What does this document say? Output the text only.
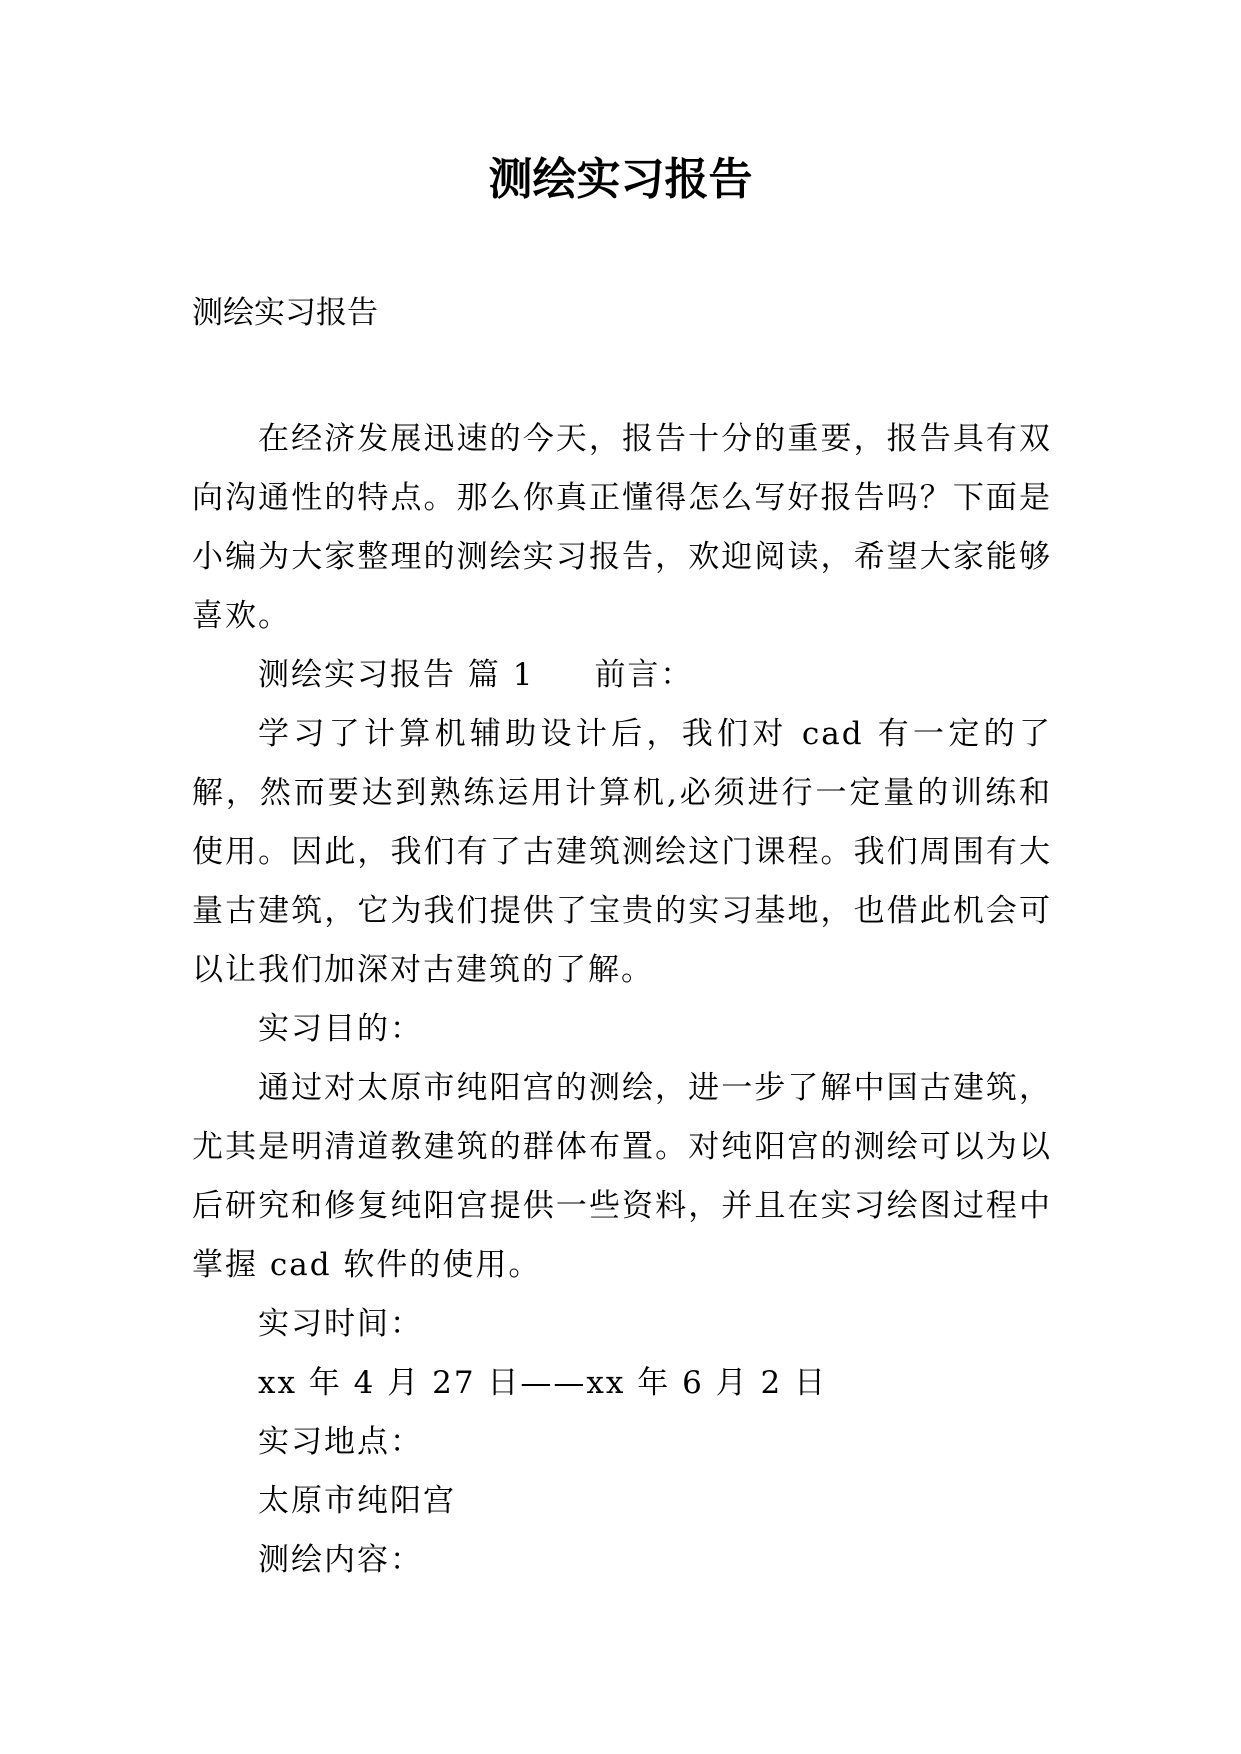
测绘实习报告
测绘实习报告

在经济发展迅速的今天，报告十分的重要，报告具有双向沟通性的特点。那么你真正懂得怎么写好报告吗？下面是小编为大家整理的测绘实习报告，欢迎阅读，希望大家能够喜欢。

测绘实习报告 篇 1 前言：

学习了计算机辅助设计后，我们对 cad 有一定的了解，然而要达到熟练运用计算机,必须进行一定量的训练和使用。因此，我们有了古建筑测绘这门课程。我们周围有大量古建筑，它为我们提供了宝贵的实习基地，也借此机会可以让我们加深对古建筑的了解。

实习目的：

通过对太原市纯阳宫的测绘，进一步了解中国古建筑，尤其是明清道教建筑的群体布置。对纯阳宫的测绘可以为以后研究和修复纯阳宫提供一些资料，并且在实习绘图过程中掌握 cad 软件的使用。

实习时间：

xx 年 4 月 27 日——xx 年 6 月 2 日

实习地点：

太原市纯阳宫

测绘内容：
